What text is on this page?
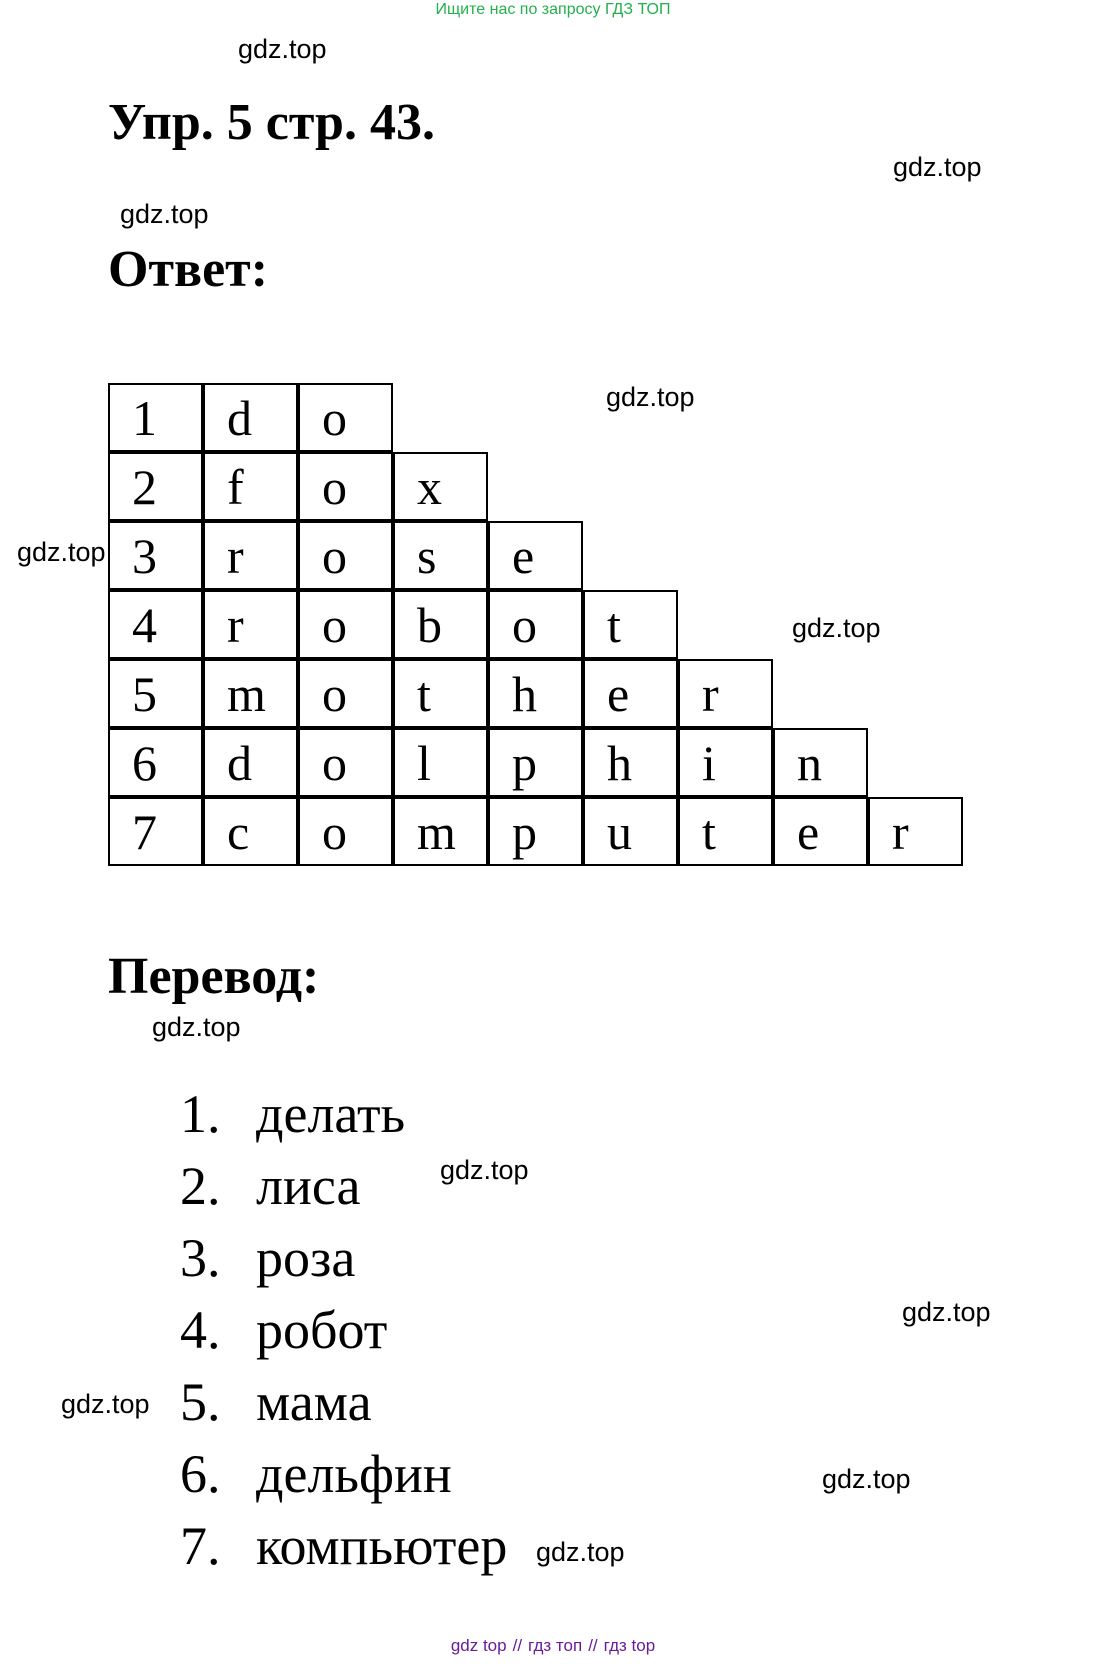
Ищите нас по запросу ГДЗ ТОП
gdz.top
gdz.top
gdz.top
gdz.top
gdz.top
gdz.top
gdz.top
gdz.top
gdz.top
gdz.top
gdz.top
gdz.top
Упр. 5 стр. 43.
Ответ:
1	d	o
2	f	o	x
3	r	o	s	e
4	r	o	b	o	t
5	m	o	t	h	e	r
6	d	o	l	p	h	i	n
7	c	o	m	p	u	t	e	r
Перевод:
1. делать
2. лиса
3. роза
4. робот
5. мама
6. дельфин
7. компьютер
gdz top // гдз топ // гдз top
